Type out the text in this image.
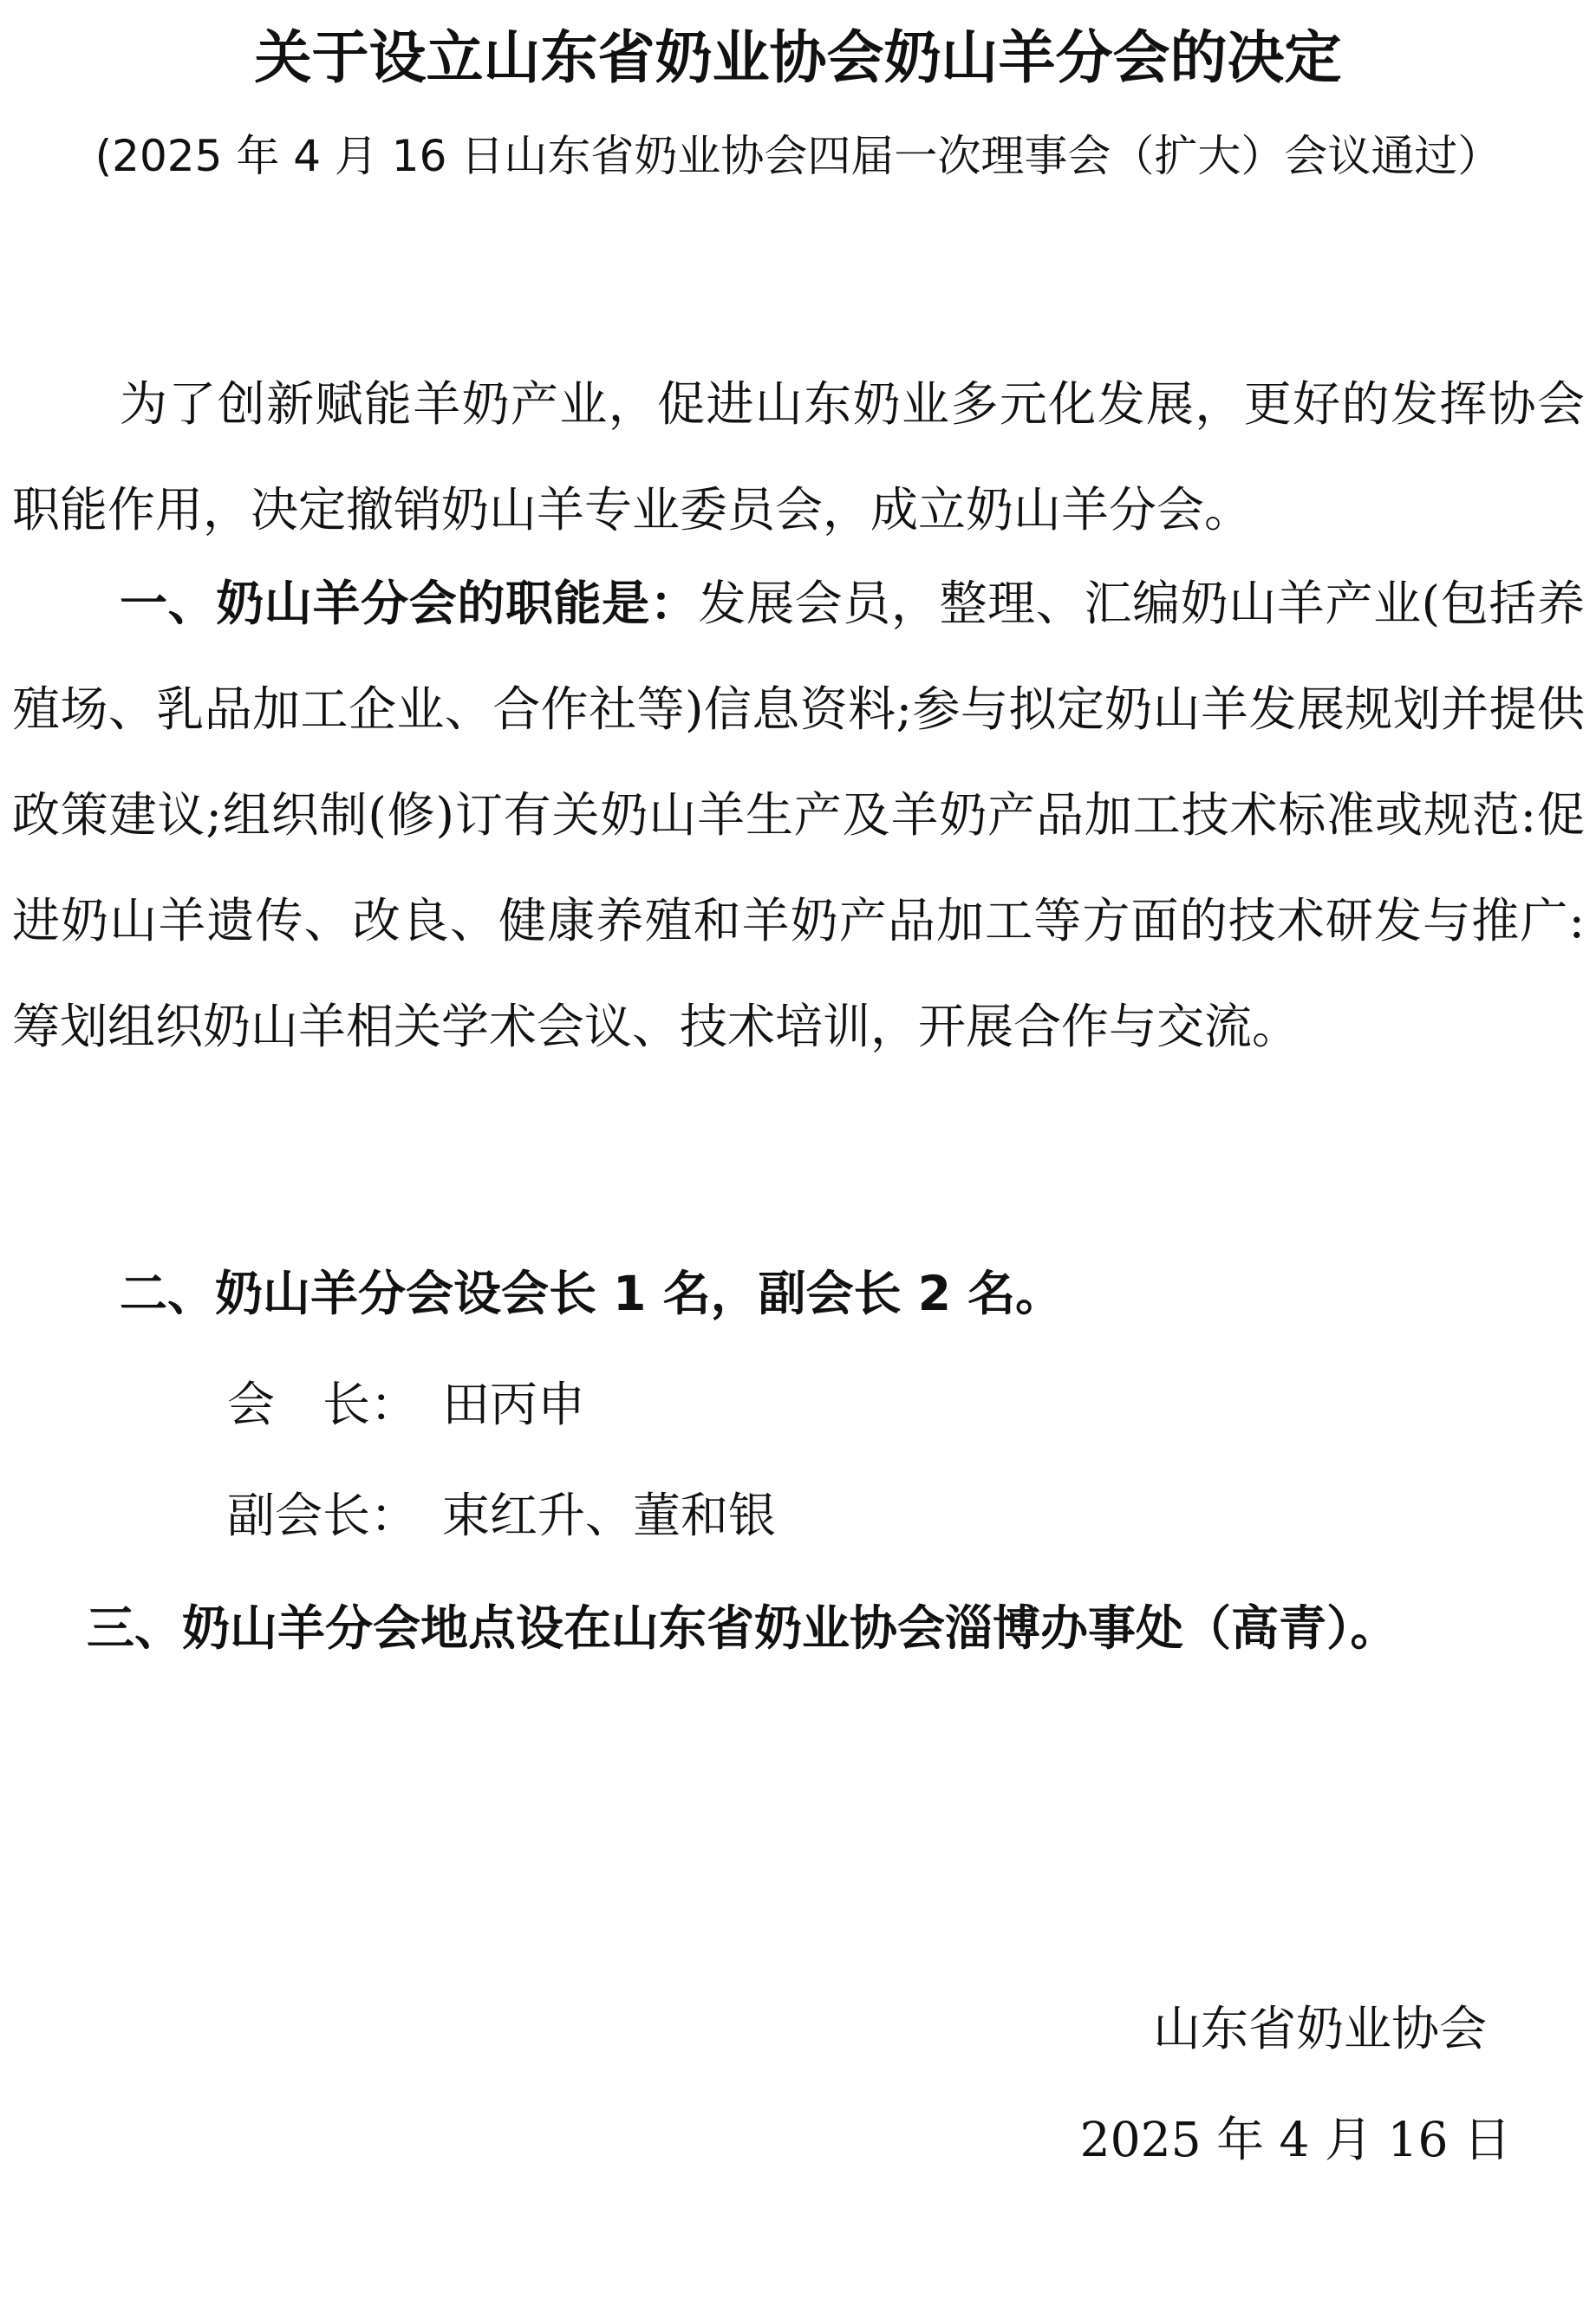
关于设立山东省奶业协会奶山羊分会的决定
(2025 年 4 月 16 日山东省奶业协会四届一次理事会（扩大）会议通过）
为了创新赋能羊奶产业，促进山东奶业多元化发展，更好的发挥协会职能作用，决定撤销奶山羊专业委员会，成立奶山羊分会。
一、奶山羊分会的职能是：发展会员，整理、汇编奶山羊产业(包括养殖场、乳品加工企业、合作社等)信息资料;参与拟定奶山羊发展规划并提供政策建议;组织制(修)订有关奶山羊生产及羊奶产品加工技术标准或规范:促进奶山羊遗传、改良、健康养殖和羊奶产品加工等方面的技术研发与推广:筹划组织奶山羊相关学术会议、技术培训，开展合作与交流。
二、奶山羊分会设会长 1 名，副会长 2 名。
会　长： 田丙申
副会长： 束红升、董和银
三、奶山羊分会地点设在山东省奶业协会淄博办事处（高青）。
山东省奶业协会
2025 年 4 月 16 日
